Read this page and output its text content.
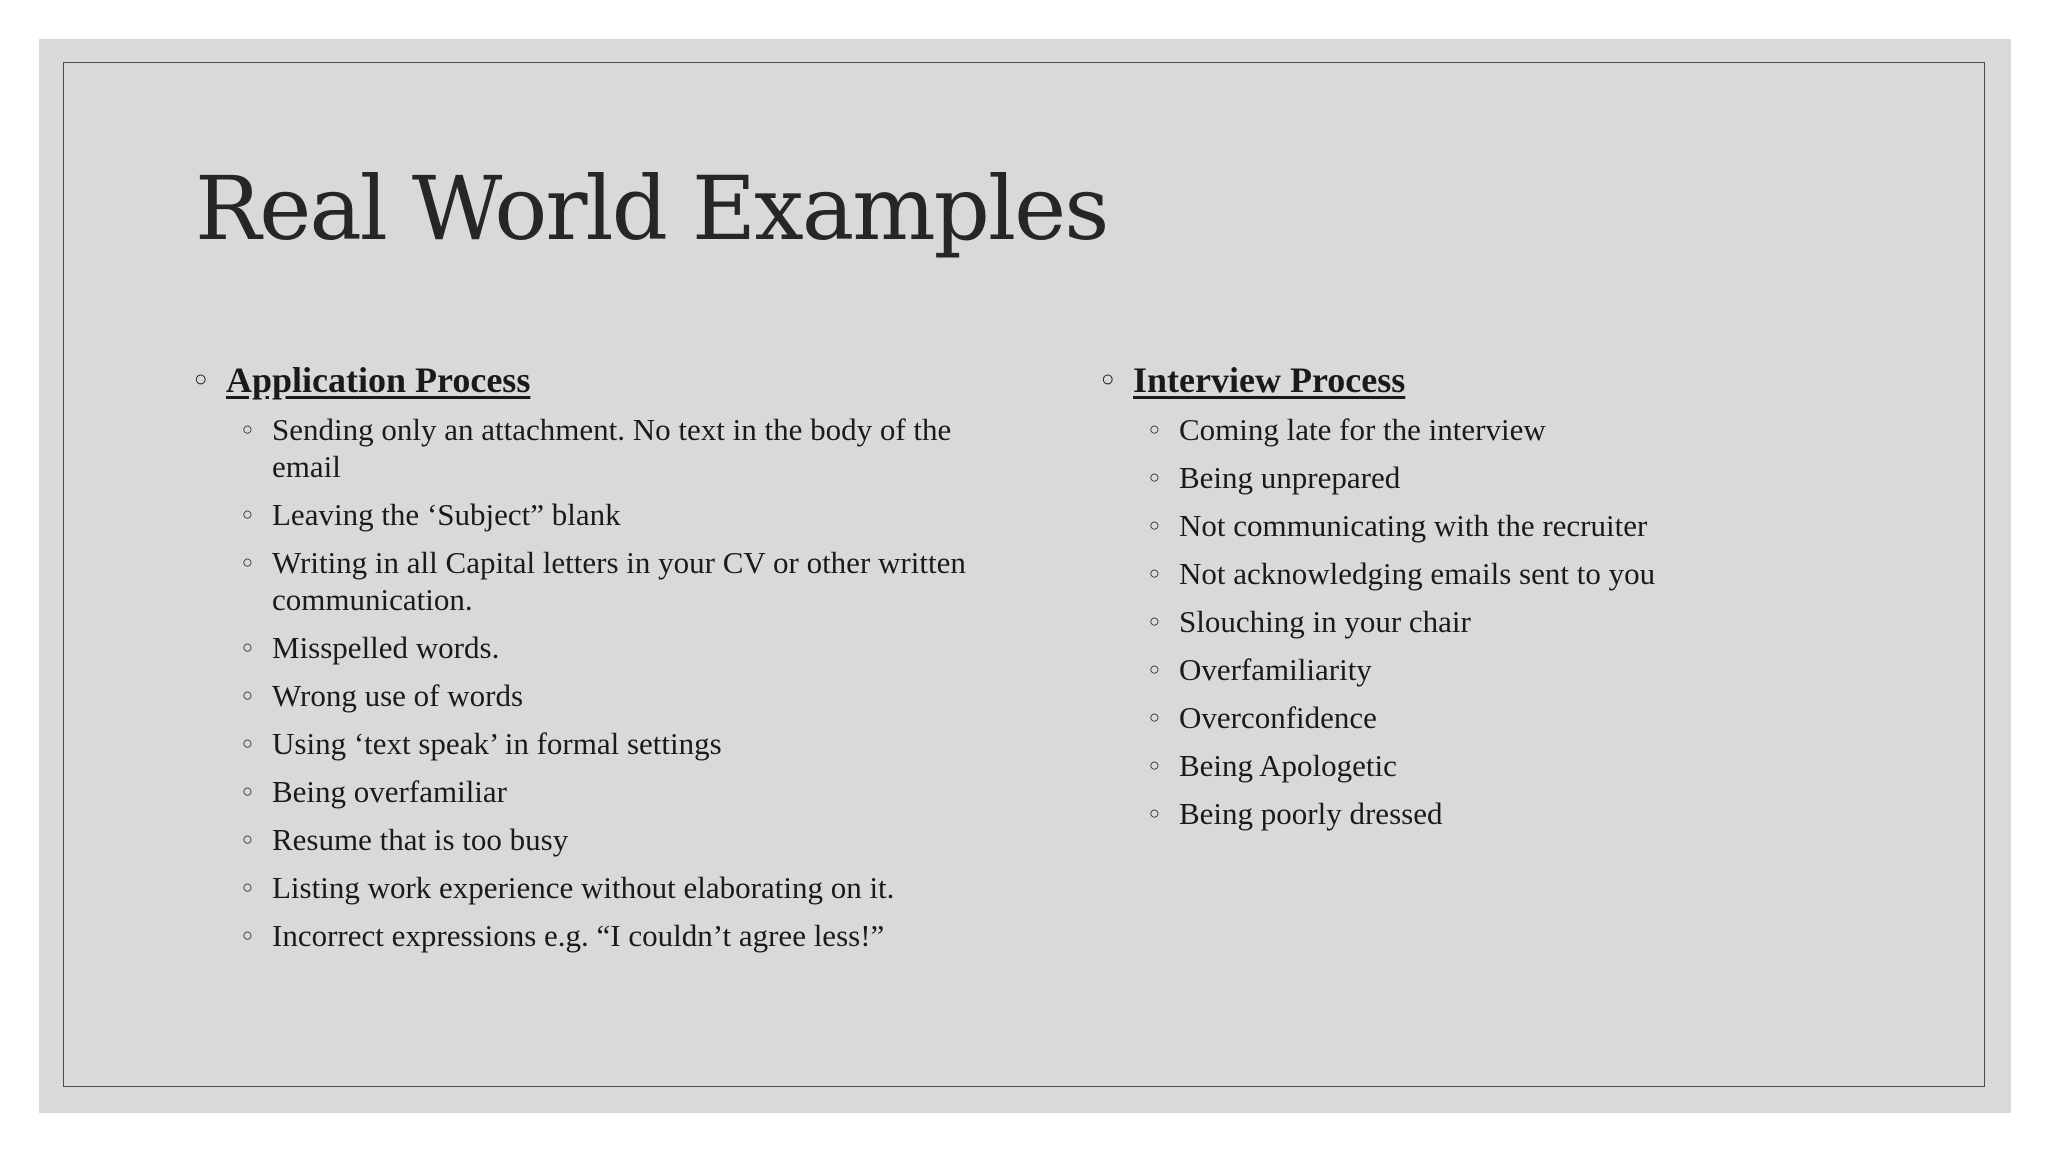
Real World Examples
○ Application Process
○ Sending only an attachment. No text in the body of the email
○ Leaving the ‘Subject” blank
○ Writing in all Capital letters in your CV or other written communication.
○ Misspelled words.
○ Wrong use of words
○ Using ‘text speak’ in formal settings
○ Being overfamiliar
○ Resume that is too busy
○ Listing work experience without elaborating on it.
○ Incorrect expressions e.g. “I couldn’t agree less!”
○ Interview Process
○ Coming late for the interview
○ Being unprepared
○ Not communicating with the recruiter
○ Not acknowledging emails sent to you
○ Slouching in your chair
○ Overfamiliarity
○ Overconfidence
○ Being Apologetic
○ Being poorly dressed
